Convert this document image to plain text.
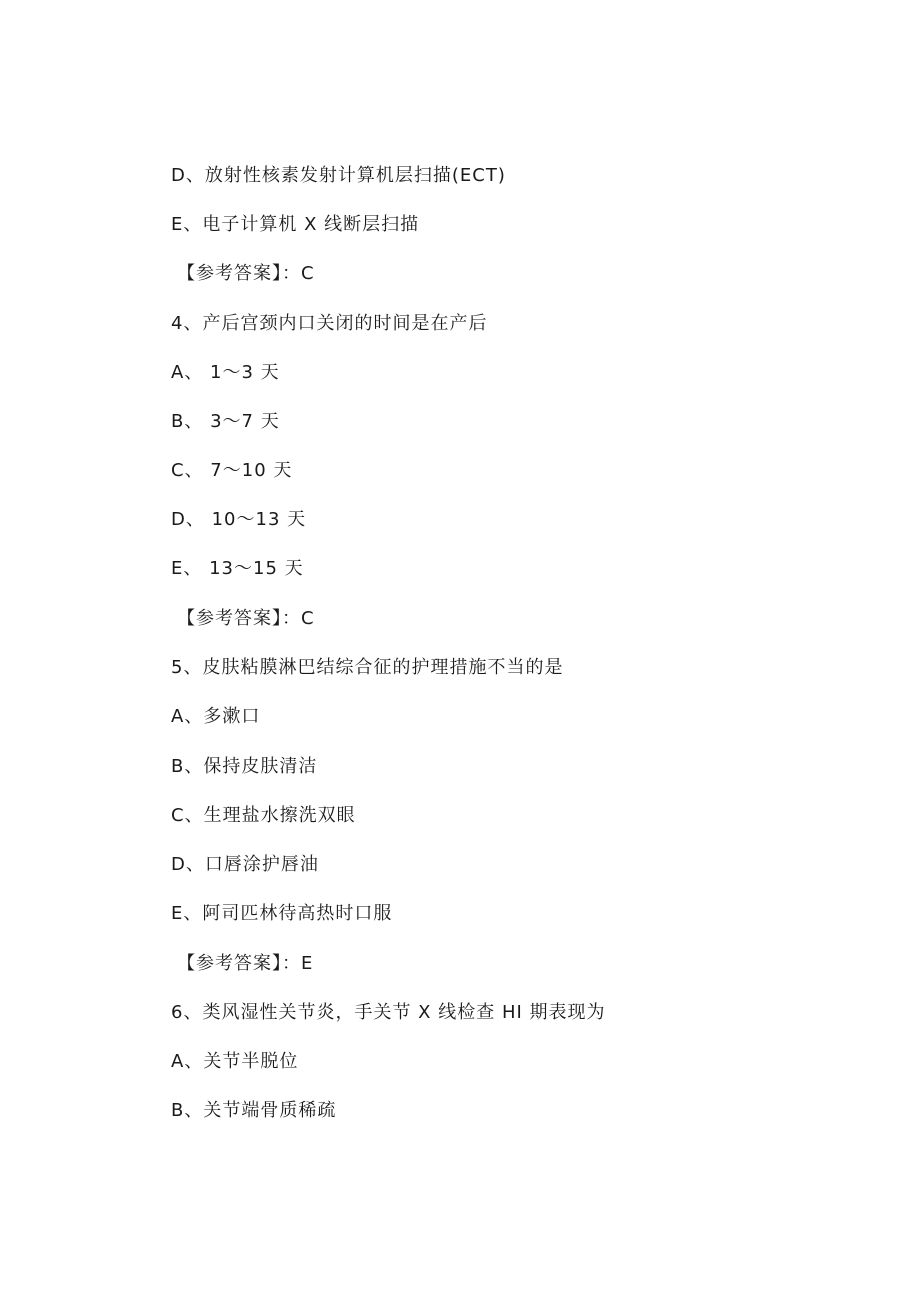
D、放射性核素发射计算机层扫描(ECT)
E、电子计算机 X 线断层扫描
【参考答案】：C
4、产后宫颈内口关闭的时间是在产后
A、 1～3 天
B、 3～7 天
C、 7～10 天
D、 10～13 天
E、 13～15 天
【参考答案】：C
5、皮肤粘膜淋巴结综合征的护理措施不当的是
A、多漱口
B、保持皮肤清洁
C、生理盐水擦洗双眼
D、口唇涂护唇油
E、阿司匹林待高热时口服
【参考答案】：E
6、类风湿性关节炎，手关节 X 线检查 HI 期表现为
A、关节半脱位
B、关节端骨质稀疏
